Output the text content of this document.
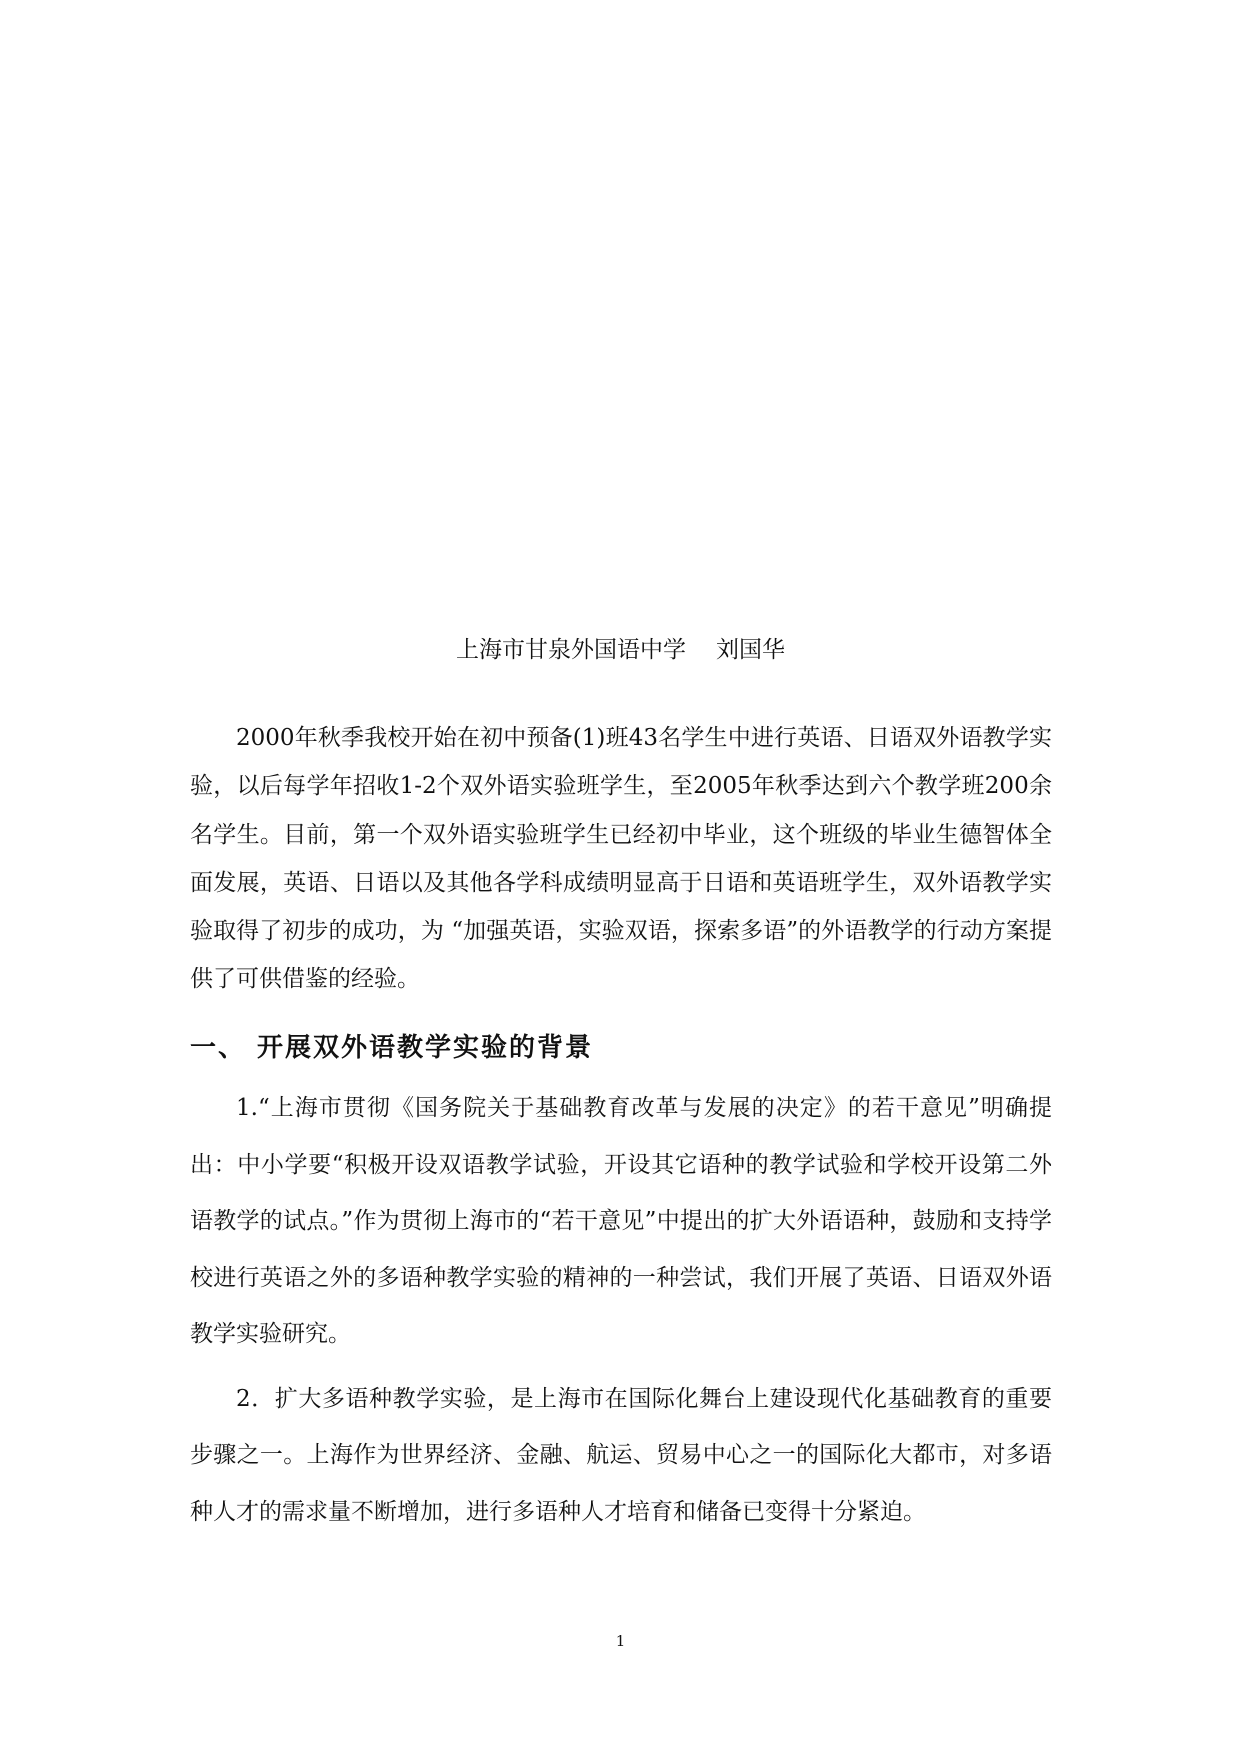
上海市甘泉外国语中学 刘国华

2000年秋季我校开始在初中预备(1)班43名学生中进行英语、日语双外语教学实验，以后每学年招收1-2个双外语实验班学生，至2005年秋季达到六个教学班200余名学生。目前，第一个双外语实验班学生已经初中毕业，这个班级的毕业生德智体全面发展，英语、日语以及其他各学科成绩明显高于日语和英语班学生，双外语教学实验取得了初步的成功，为 “加强英语，实验双语，探索多语”的外语教学的行动方案提供了可供借鉴的经验。

一、 开展双外语教学实验的背景

1.“上海市贯彻《国务院关于基础教育改革与发展的决定》的若干意见”明确提出：中小学要“积极开设双语教学试验，开设其它语种的教学试验和学校开设第二外语教学的试点。”作为贯彻上海市的“若干意见”中提出的扩大外语语种，鼓励和支持学校进行英语之外的多语种教学实验的精神的一种尝试，我们开展了英语、日语双外语教学实验研究。

2．扩大多语种教学实验，是上海市在国际化舞台上建设现代化基础教育的重要步骤之一。上海作为世界经济、金融、航运、贸易中心之一的国际化大都市，对多语种人才的需求量不断增加，进行多语种人才培育和储备已变得十分紧迫。

1
